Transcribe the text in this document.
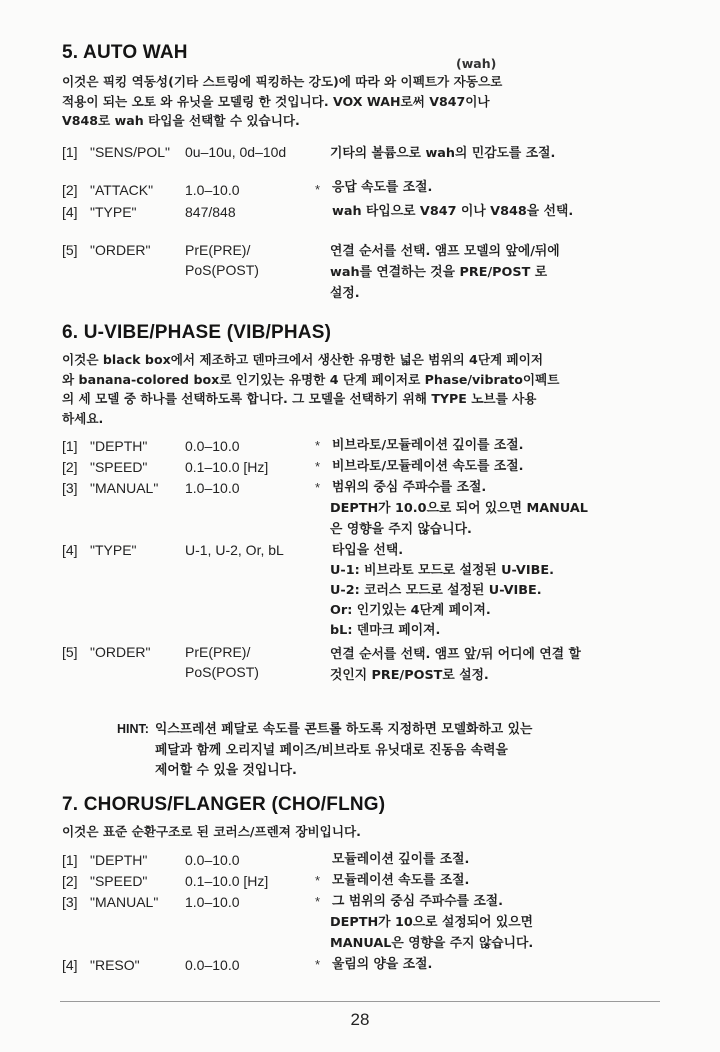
5. AUTO WAH
(wah)
이것은 픽킹 역동성(기타 스트링에 픽킹하는 강도)에 따라 와 이펙트가 자동으로
적용이 되는 오토 와 유닛을 모델링 한 것입니다. VOX WAH로써 V847이나
V848로 wah 타입을 선택할 수 있습니다.
[1] "SENS/POL" 0u–10u, 0d–10d	기타의 볼륨으로 wah의 민감도를 조절.
[2] "ATTACK" 1.0–10.0	* 응답 속도를 조절.
[4] "TYPE"	847/848	wah 타입으로 V847 이나 V848을 선택.
[5] "ORDER" PrE(PRE)/
PoS(POST)
연결 순서를 선택. 앰프 모델의 앞에/뒤에
wah를 연결하는 것을 PRE/POST 로
설정.
6. U-VIBE/PHASE (VIB/PHAS)
이것은 black box에서 제조하고 덴마크에서 생산한 유명한 넓은 범위의 4단계 페이저
와 banana-colored box로 인기있는 유명한 4 단계 페이저로 Phase/vibrato이펙트
의 세 모델 중 하나를 선택하도록 합니다. 그 모델을 선택하기 위해 TYPE 노브를 사용
하세요.
[1] "DEPTH"	0.0–10.0	* 비브라토/모듈레이션 깊이를 조절.
[2] "SPEED"	0.1–10.0 [Hz]	* 비브라토/모듈레이션 속도를 조절.
[3] "MANUAL" 1.0–10.0	* 범위의 중심 주파수를 조절.
DEPTH가 10.0으로 되어 있으면 MANUAL
은 영향을 주지 않습니다.
[4] "TYPE"	U-1, U-2, Or, bL	타입을 선택.
U-1: 비브라토 모드로 설정된 U-VIBE.
U-2: 코러스 모드로 설정된 U-VIBE.
Or: 인기있는 4단계 페이져.
bL: 덴마크 페이져.
[5] "ORDER" PrE(PRE)/
PoS(POST)
연결 순서를 선택. 앰프 앞/뒤 어디에 연결 할
것인지 PRE/POST로 설정.
HINT: 익스프레션 페달로 속도를 콘트롤 하도록 지정하면 모델화하고 있는
페달과 함께 오리지널 페이즈/비브라토 유닛대로 진동음 속력을
제어할 수 있을 것입니다.
7. CHORUS/FLANGER (CHO/FLNG)
이것은 표준 순환구조로 된 코러스/프렌져 장비입니다.
[1] "DEPTH"	0.0–10.0	모듈레이션 깊이를 조절.
[2] "SPEED"	0.1–10.0 [Hz]	* 모듈레이션 속도를 조절.
[3] "MANUAL" 1.0–10.0	* 그 범위의 중심 주파수를 조절.
DEPTH가 10으로 설정되어 있으면
MANUAL은 영향을 주지 않습니다.
[4] "RESO"	0.0–10.0	* 울림의 양을 조절.
28
